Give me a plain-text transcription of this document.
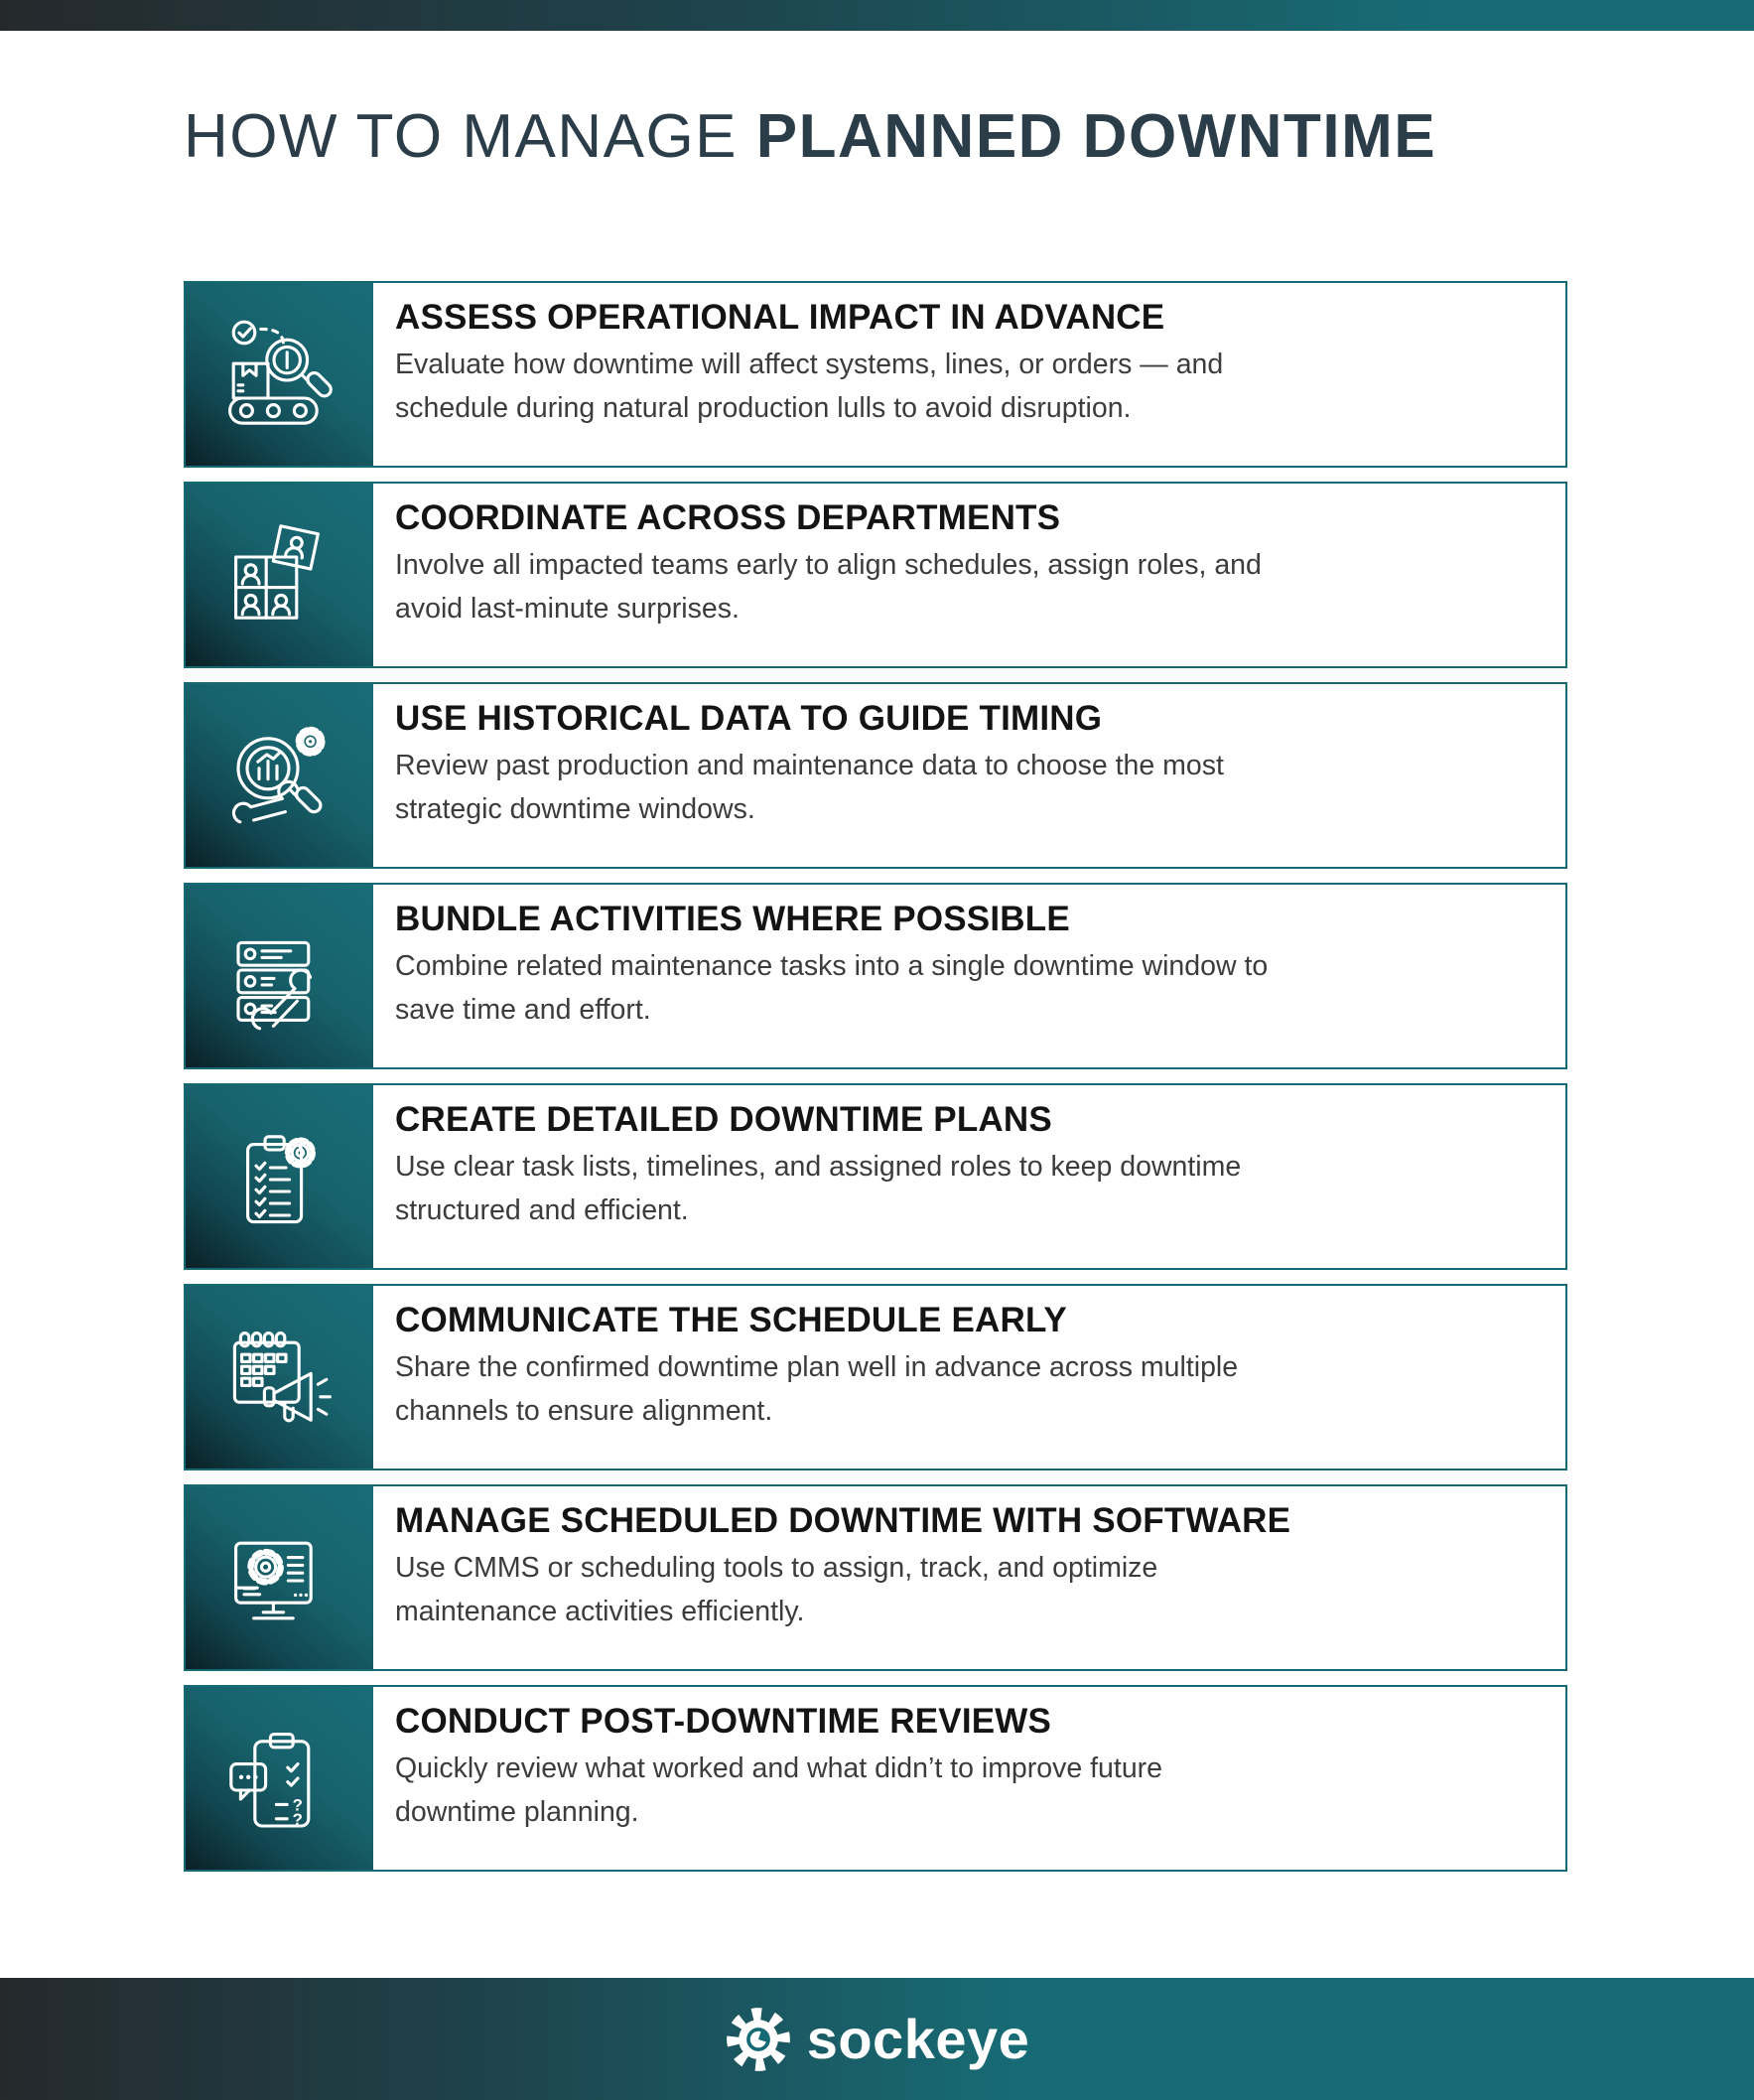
HOW TO MANAGE PLANNED DOWNTIME

ASSESS OPERATIONAL IMPACT IN ADVANCE

Evaluate how downtime will affect systems, lines, or orders — and
schedule during natural production lulls to avoid disruption.

COORDINATE ACROSS DEPARTMENTS

Involve all impacted teams early to align schedules, assign roles, and
avoid last-minute surprises.

USE HISTORICAL DATA TO GUIDE TIMING

Review past production and maintenance data to choose the most
strategic downtime windows.

BUNDLE ACTIVITIES WHERE POSSIBLE

Combine related maintenance tasks into a single downtime window to
save time and effort.

CREATE DETAILED DOWNTIME PLANS

Use clear task lists, timelines, and assigned roles to keep downtime
structured and efficient.

COMMUNICATE THE SCHEDULE EARLY

Share the confirmed downtime plan well in advance across multiple
channels to ensure alignment.

MANAGE SCHEDULED DOWNTIME WITH SOFTWARE

Use CMMS or scheduling tools to assign, track, and optimize
maintenance activities efficiently.
?
?

CONDUCT POST-DOWNTIME REVIEWS

Quickly review what worked and what didn’t to improve future
downtime planning.
sockeye
